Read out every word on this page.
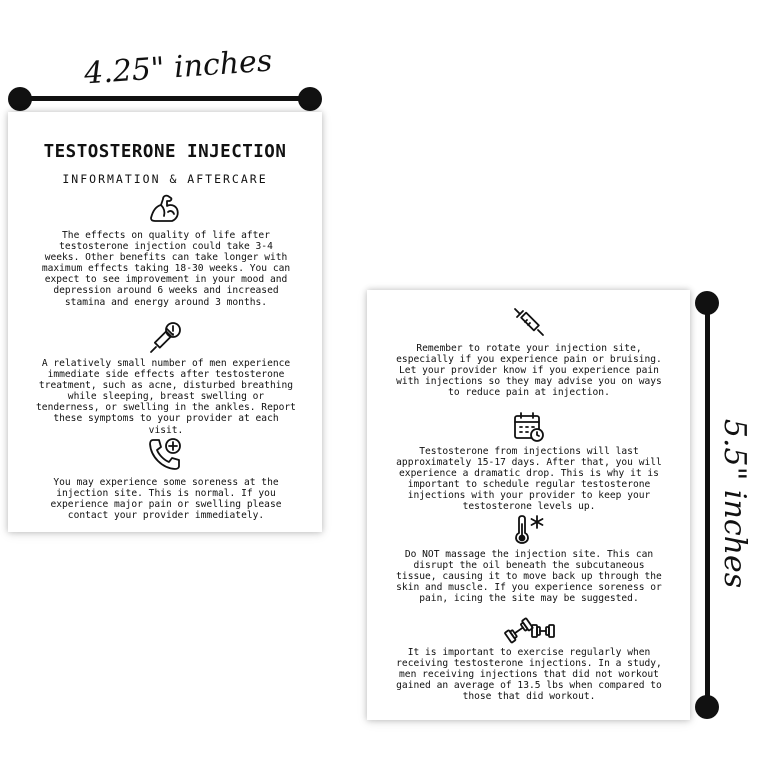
4.25" inches
5.5" inches
TESTOSTERONE INJECTION
INFORMATION & AFTERCARE

The effects on quality of life after testosterone injection could take 3-4 weeks. Other benefits can take longer with maximum effects taking 18-30 weeks. You can expect to see improvement in your mood and depression around 6 weeks and increased stamina and energy around 3 months.

A relatively small number of men experience immediate side effects after testosterone treatment, such as acne, disturbed breathing while sleeping, breast swelling or tenderness, or swelling in the ankles. Report these symptoms to your provider at each visit.

You may experience some soreness at the injection site. This is normal. If you experience major pain or swelling please contact your provider immediately.

Remember to rotate your injection site, especially if you experience pain or bruising. Let your provider know if you experience pain with injections so they may advise you on ways to reduce pain at injection.

Testosterone from injections will last approximately 15-17 days. After that, you will experience a dramatic drop. This is why it is important to schedule regular testosterone injections with your provider to keep your testosterone levels up.

Do NOT massage the injection site. This can disrupt the oil beneath the subcutaneous tissue, causing it to move back up through the skin and muscle. If you experience soreness or pain, icing the site may be suggested.

It is important to exercise regularly when receiving testosterone injections. In a study, men receiving injections that did not workout gained an average of 13.5 lbs when compared to those that did workout.
